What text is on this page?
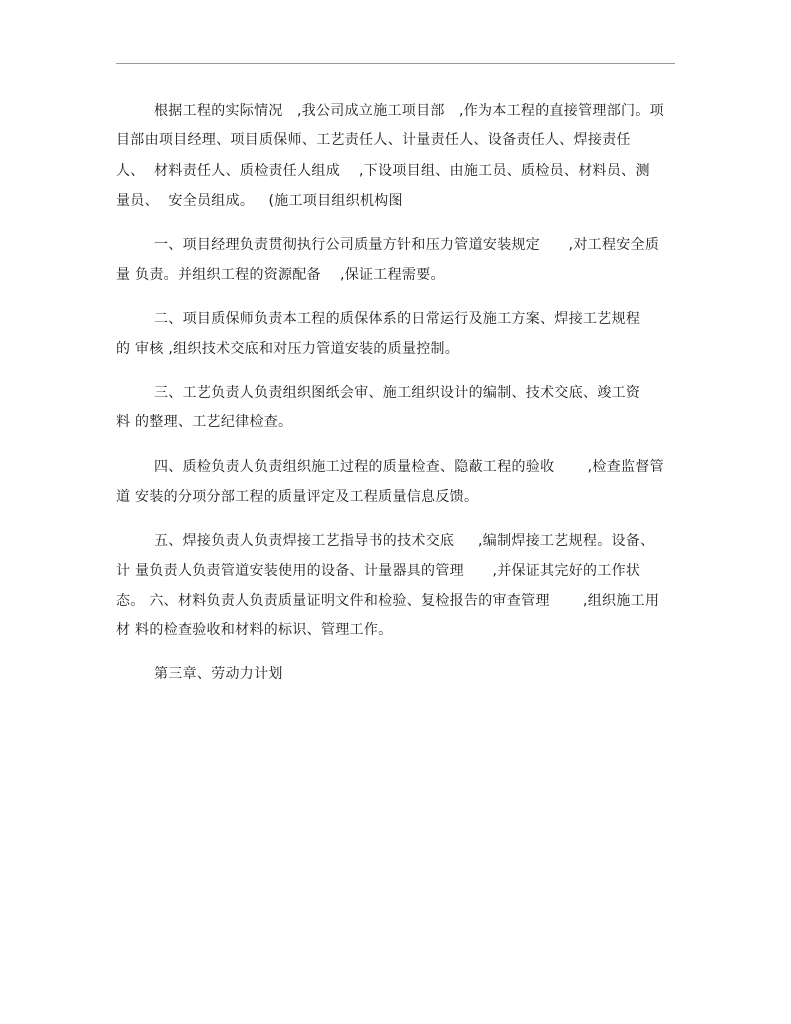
根据工程的实际情况   ,我公司成立施工项目部   ,作为本工程的直接管理部门。项
目部由项目经理、项目质保师、工艺责任人、计量责任人、设备责任人、焊接责任
人、  材料责任人、质检责任人组成    ,下设项目组、由施工员、质检员、材料员、测
量员、  安全员组成。   (施工项目组织机构图
一、项目经理负责贯彻执行公司质量方针和压力管道安装规定      ,对工程安全质
量 负责。并组织工程的资源配备    ,保证工程需要。
二、项目质保师负责本工程的质保体系的日常运行及施工方案、焊接工艺规程
的 审核 ,组织技术交底和对压力管道安装的质量控制。
三、工艺负责人负责组织图纸会审、施工组织设计的编制、技术交底、竣工资
料 的整理、工艺纪律检查。
四、质检负责人负责组织施工过程的质量检查、隐蔽工程的验收       ,检查监督管
道 安装的分项分部工程的质量评定及工程质量信息反馈。
五、焊接负责人负责焊接工艺指导书的技术交底     ,编制焊接工艺规程。设备、
计 量负责人负责管道安装使用的设备、计量器具的管理      ,并保证其完好的工作状
态。 六、材料负责人负责质量证明文件和检验、复检报告的审查管理       ,组织施工用
材 料的检查验收和材料的标识、管理工作。
第三章、劳动力计划
